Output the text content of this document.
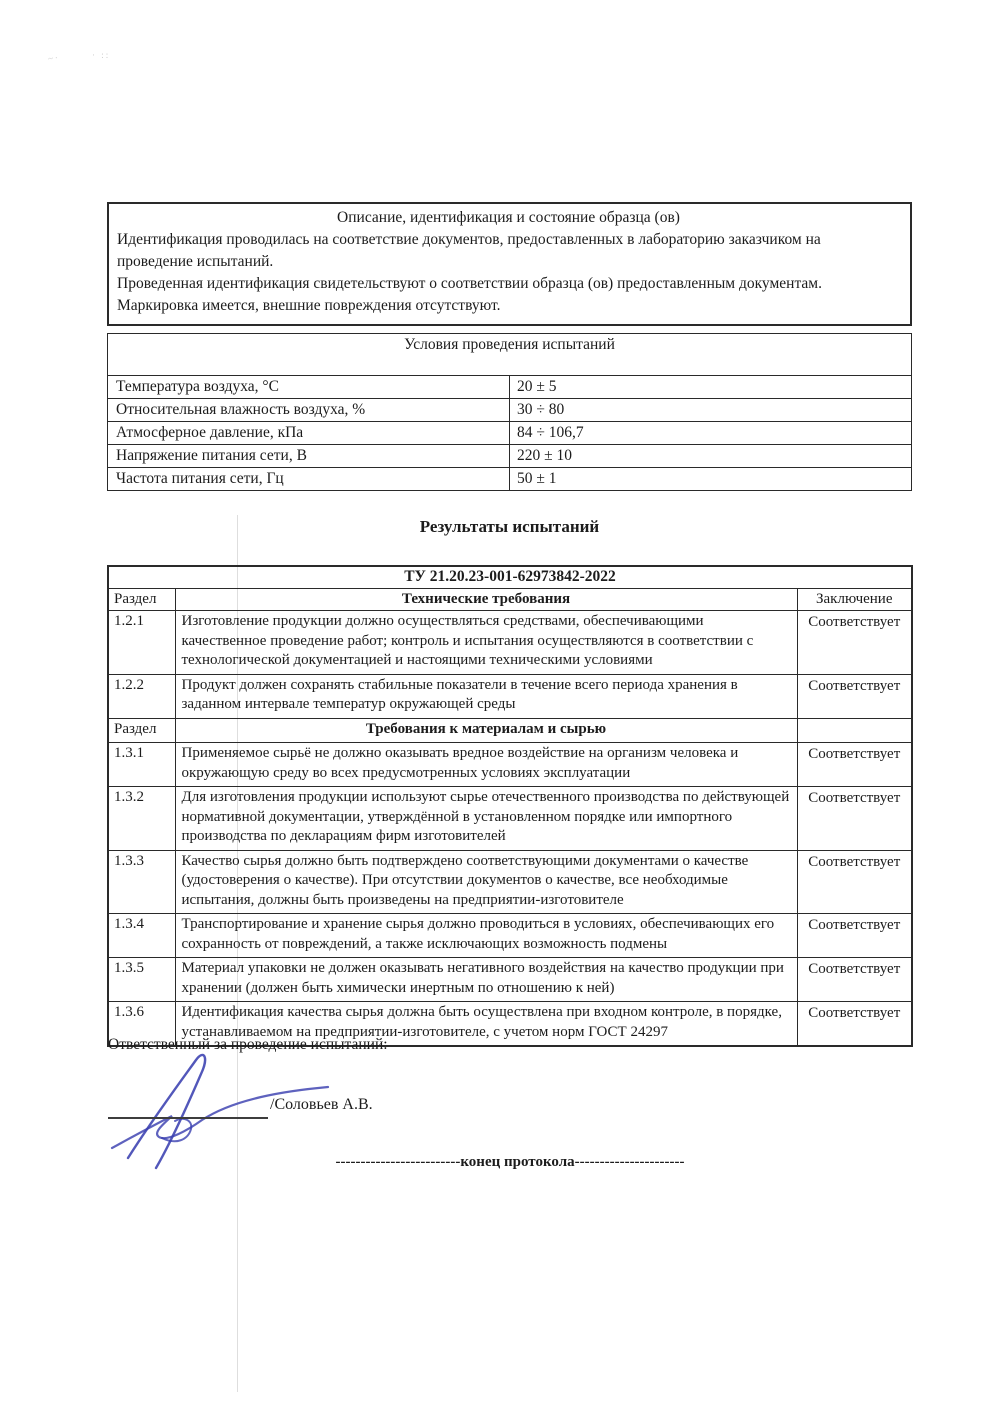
~·	· ::
Описание, идентификация и состояние образца (ов)

Идентификация проводилась на соответствие документов, предоставленных в лабораторию заказчиком на проведение испытаний.

Проведенная идентификация свидетельствуют о соответствии образца (ов) предоставленным документам.

Маркировка имеется, внешние повреждения отсутствуют.

Условия проведения испытаний	
Температура воздуха, °С	20 ± 5
Относительная влажность воздуха, %	30 ÷ 80
Атмосферное давление, кПа	84 ÷ 106,7
Напряжение питания сети, В	220 ± 10
Частота питания сети, Гц	50 ± 1
Результаты испытаний
ТУ 21.20.23-001-62973842-2022		
Раздел	Технические требования	Заключение
1.2.1	Изготовление продукции должно осуществляться средствами, обеспечивающими качественное проведение работ; контроль и испытания осуществляются в соответствии с технологической документацией и настоящими техническими условиями	Соответствует
1.2.2	Продукт должен сохранять стабильные показатели в течение всего периода хранения в заданном интервале температур окружающей среды	Соответствует
Раздел	Требования к материалам и сырью	
1.3.1	Применяемое сырьё не должно оказывать вредное воздействие на организм человека и окружающую среду во всех предусмотренных условиях эксплуатации	Соответствует
1.3.2	Для изготовления продукции используют сырье отечественного производства по действующей нормативной документации, утверждённой в установленном порядке или импортного производства по декларациям фирм изготовителей	Соответствует
1.3.3	Качество сырья должно быть подтверждено соответствующими документами о качестве (удостоверения о качестве). При отсутствии документов о качестве, все необходимые испытания, должны быть произведены на предприятии-изготовителе	Соответствует
1.3.4	Транспортирование и хранение сырья должно проводиться в условиях, обеспечивающих его сохранность от повреждений, а также исключающих возможность подмены	Соответствует
1.3.5	Материал упаковки не должен оказывать негативного воздействия на качество продукции при хранении (должен быть химически инертным по отношению к ней)	Соответствует
1.3.6	Идентификация качества сырья должна быть осуществлена при входном контроле, в порядке, устанавливаемом на предприятии-изготовителе, с учетом норм ГОСТ 24297	Соответствует
Ответственный за проведение испытаний:
/Соловьев А.В.
-------------------------конец протокола----------------------
